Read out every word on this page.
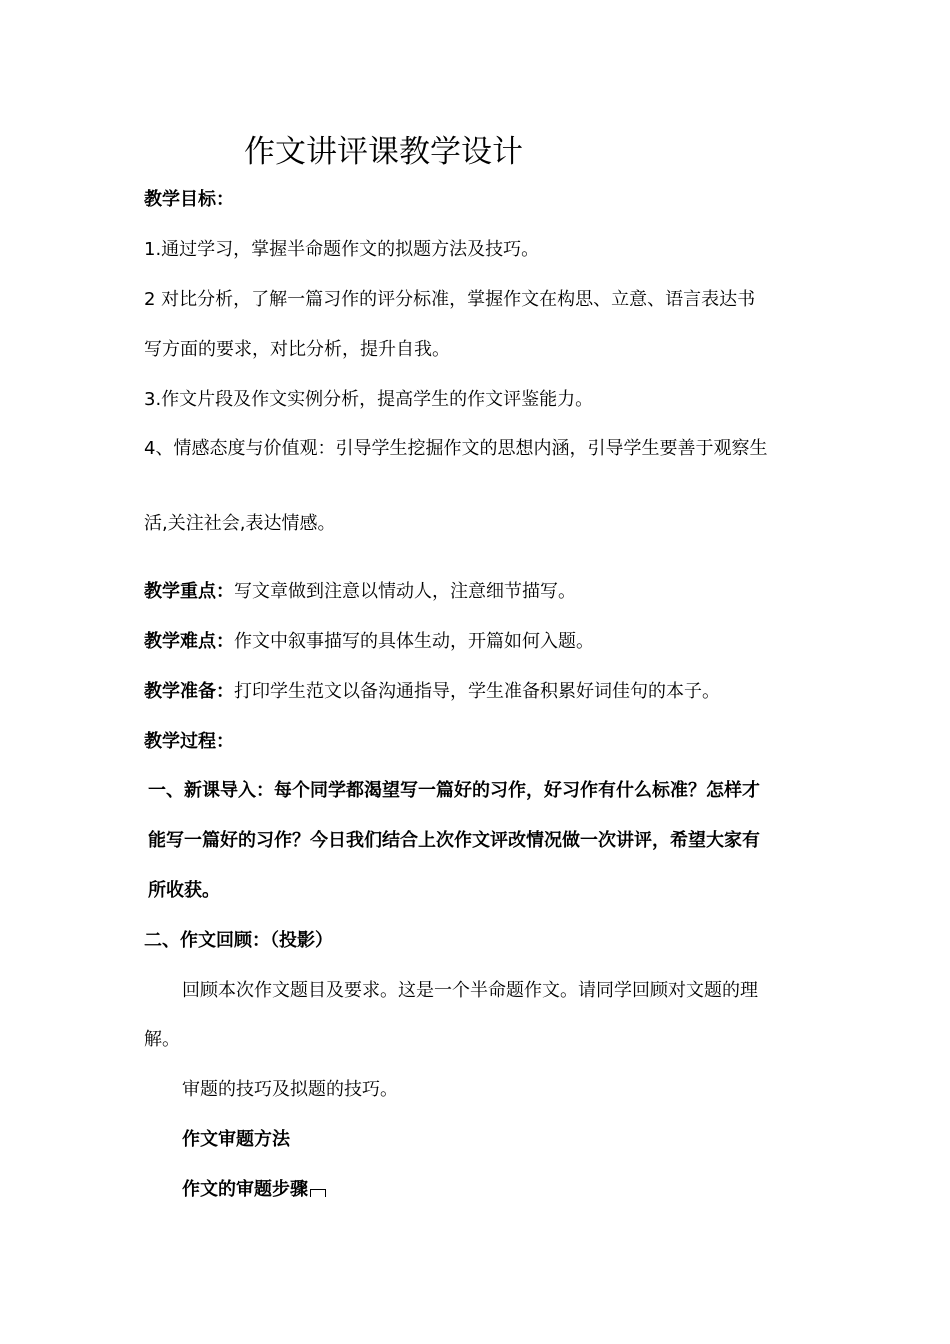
作文讲评课教学设计
教学目标：
1.通过学习，掌握半命题作文的拟题方法及技巧。
2 对比分析，了解一篇习作的评分标准，掌握作文在构思、立意、语言表达书
写方面的要求，对比分析，提升自我。
3.作文片段及作文实例分析，提高学生的作文评鉴能力。
4、情感态度与价值观：引导学生挖掘作文的思想内涵，引导学生要善于观察生
活,关注社会,表达情感。
教学重点：写文章做到注意以情动人，注意细节描写。
教学难点：作文中叙事描写的具体生动，开篇如何入题。
教学准备：打印学生范文以备沟通指导，学生准备积累好词佳句的本子。
教学过程：
一、新课导入：每个同学都渴望写一篇好的习作，好习作有什么标准？怎样才
能写一篇好的习作？今日我们结合上次作文评改情况做一次讲评，希望大家有
所收获。
二、作文回顾：（投影）
回顾本次作文题目及要求。这是一个半命题作文。请同学回顾对文题的理
解。
审题的技巧及拟题的技巧。
作文审题方法
作文的审题步骤
